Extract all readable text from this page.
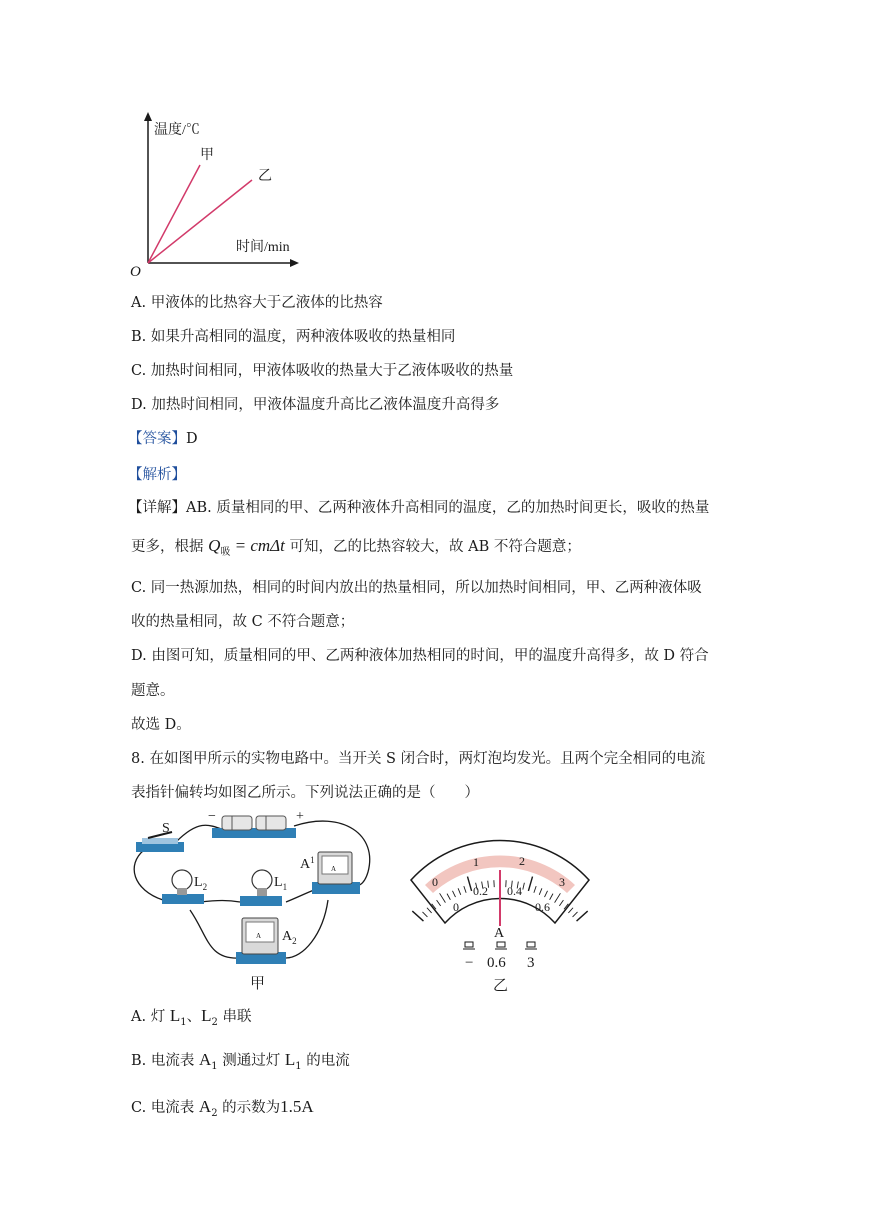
温度/℃
时间/min
O
甲
乙
A. 甲液体的比热容大于乙液体的比热容
B. 如果升高相同的温度，两种液体吸收的热量相同
C. 加热时间相同，甲液体吸收的热量大于乙液体吸收的热量
D. 加热时间相同，甲液体温度升高比乙液体温度升高得多
【答案】D
【解析】
【详解】AB. 质量相同的甲、乙两种液体升高相同的温度，乙的加热时间更长，吸收的热量
更多，根据 $Q_吸 = cm\Delta t$ 可知，乙的比热容较大，故 AB 不符合题意；
C. 同一热源加热，相同的时间内放出的热量相同，所以加热时间相同，甲、乙两种液体吸
收的热量相同，故 C 不符合题意；
D. 由图可知，质量相同的甲、乙两种液体加热相同的时间，甲的温度升高得多，故 D 符合
题意。
故选 D。
8. 在如图甲所示的实物电路中。当开关 S 闭合时，两灯泡均发光。且两个完全相同的电流
表指针偏转均如图乙所示。下列说法正确的是（　　）
S
−	+
$L_2$	$L_1$
A
$A^1$
A $A_2$
甲
0
1	2
3
0
0.2 0.4
0.6
A
− 0.6 3
乙
A. 灯 $L_1$、$L_2$ 串联
B. 电流表 $A_1$ 测通过灯 $L_1$ 的电流
C. 电流表 $A_2$ 的示数为1.5A
